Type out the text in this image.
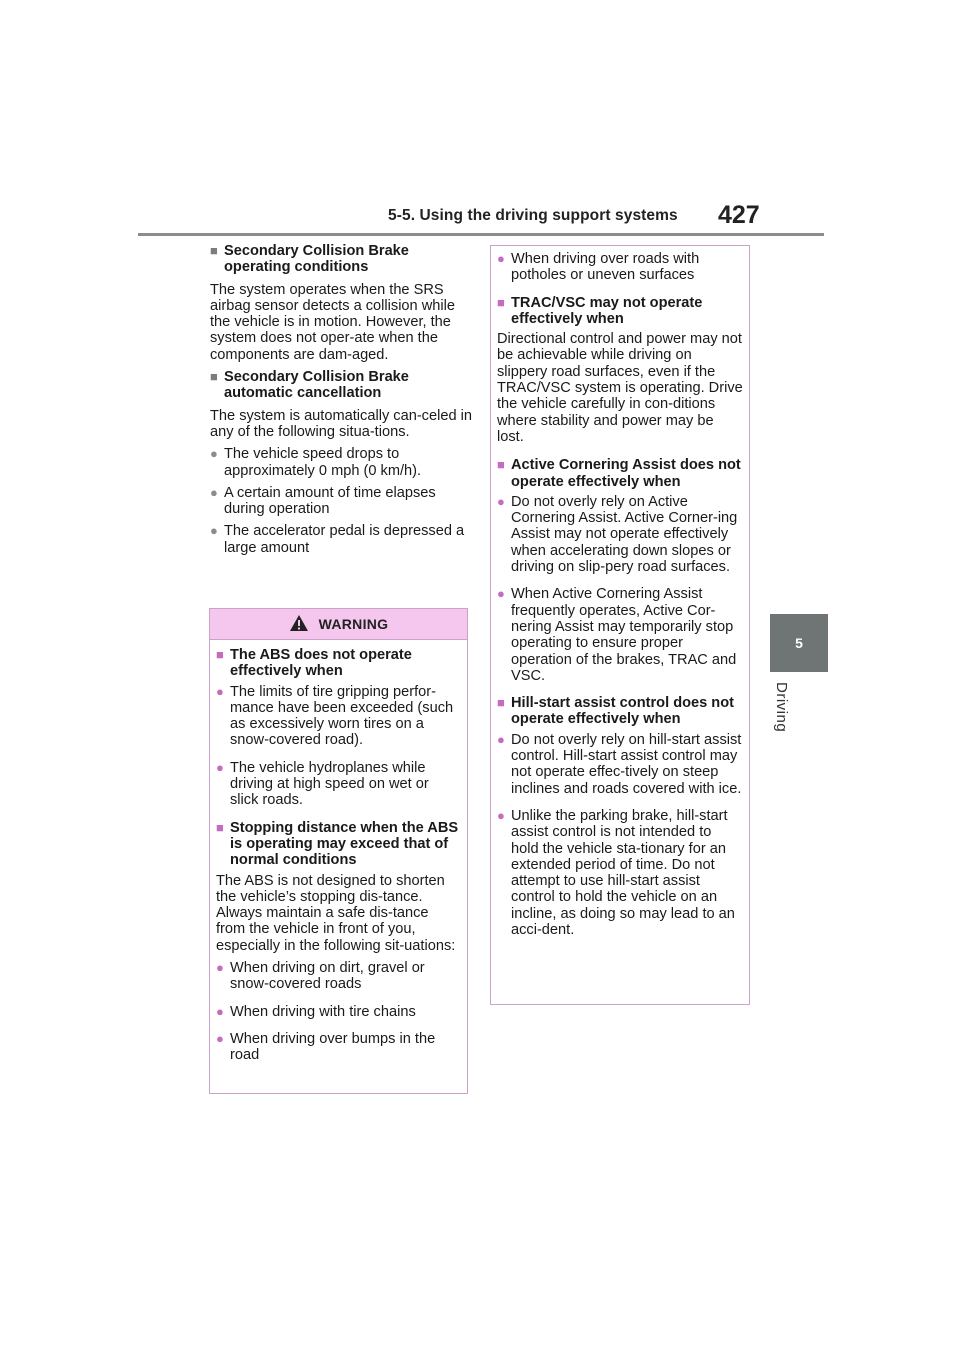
5-5. Using the driving support systems 427
5
Driving
■ Secondary Collision Brake operating conditions

The system operates when the SRS airbag sensor detects a collision while the vehicle is in motion. However, the system does not oper-ate when the components are dam-aged.

■ Secondary Collision Brake automatic cancellation

The system is automatically can-celed in any of the following situa-tions.

● The vehicle speed drops to approximately 0 mph (0 km/h).
● A certain amount of time elapses during operation
● The accelerator pedal is depressed a large amount
WARNING
■ The ABS does not operate effectively when
● The limits of tire gripping perfor-mance have been exceeded (such as excessively worn tires on a snow-covered road).
● The vehicle hydroplanes while driving at high speed on wet or slick roads.
■ Stopping distance when the ABS is operating may exceed that of normal conditions

The ABS is not designed to shorten the vehicle’s stopping dis-tance. Always maintain a safe dis-tance from the vehicle in front of you, especially in the following sit-uations:

● When driving on dirt, gravel or snow-covered roads
● When driving with tire chains
● When driving over bumps in the road
● When driving over roads with potholes or uneven surfaces
■ TRAC/VSC may not operate effectively when

Directional control and power may not be achievable while driving on slippery road surfaces, even if the TRAC/VSC system is operating. Drive the vehicle carefully in con-ditions where stability and power may be lost.

■ Active Cornering Assist does not operate effectively when
● Do not overly rely on Active Cornering Assist. Active Corner-ing Assist may not operate effectively when accelerating down slopes or driving on slip-pery road surfaces.
● When Active Cornering Assist frequently operates, Active Cor-nering Assist may temporarily stop operating to ensure proper operation of the brakes, TRAC and VSC.
■ Hill-start assist control does not operate effectively when
● Do not overly rely on hill-start assist control. Hill-start assist control may not operate effec-tively on steep inclines and roads covered with ice.
● Unlike the parking brake, hill-start assist control is not intended to hold the vehicle sta-tionary for an extended period of time. Do not attempt to use hill-start assist control to hold the vehicle on an incline, as doing so may lead to an acci-dent.
